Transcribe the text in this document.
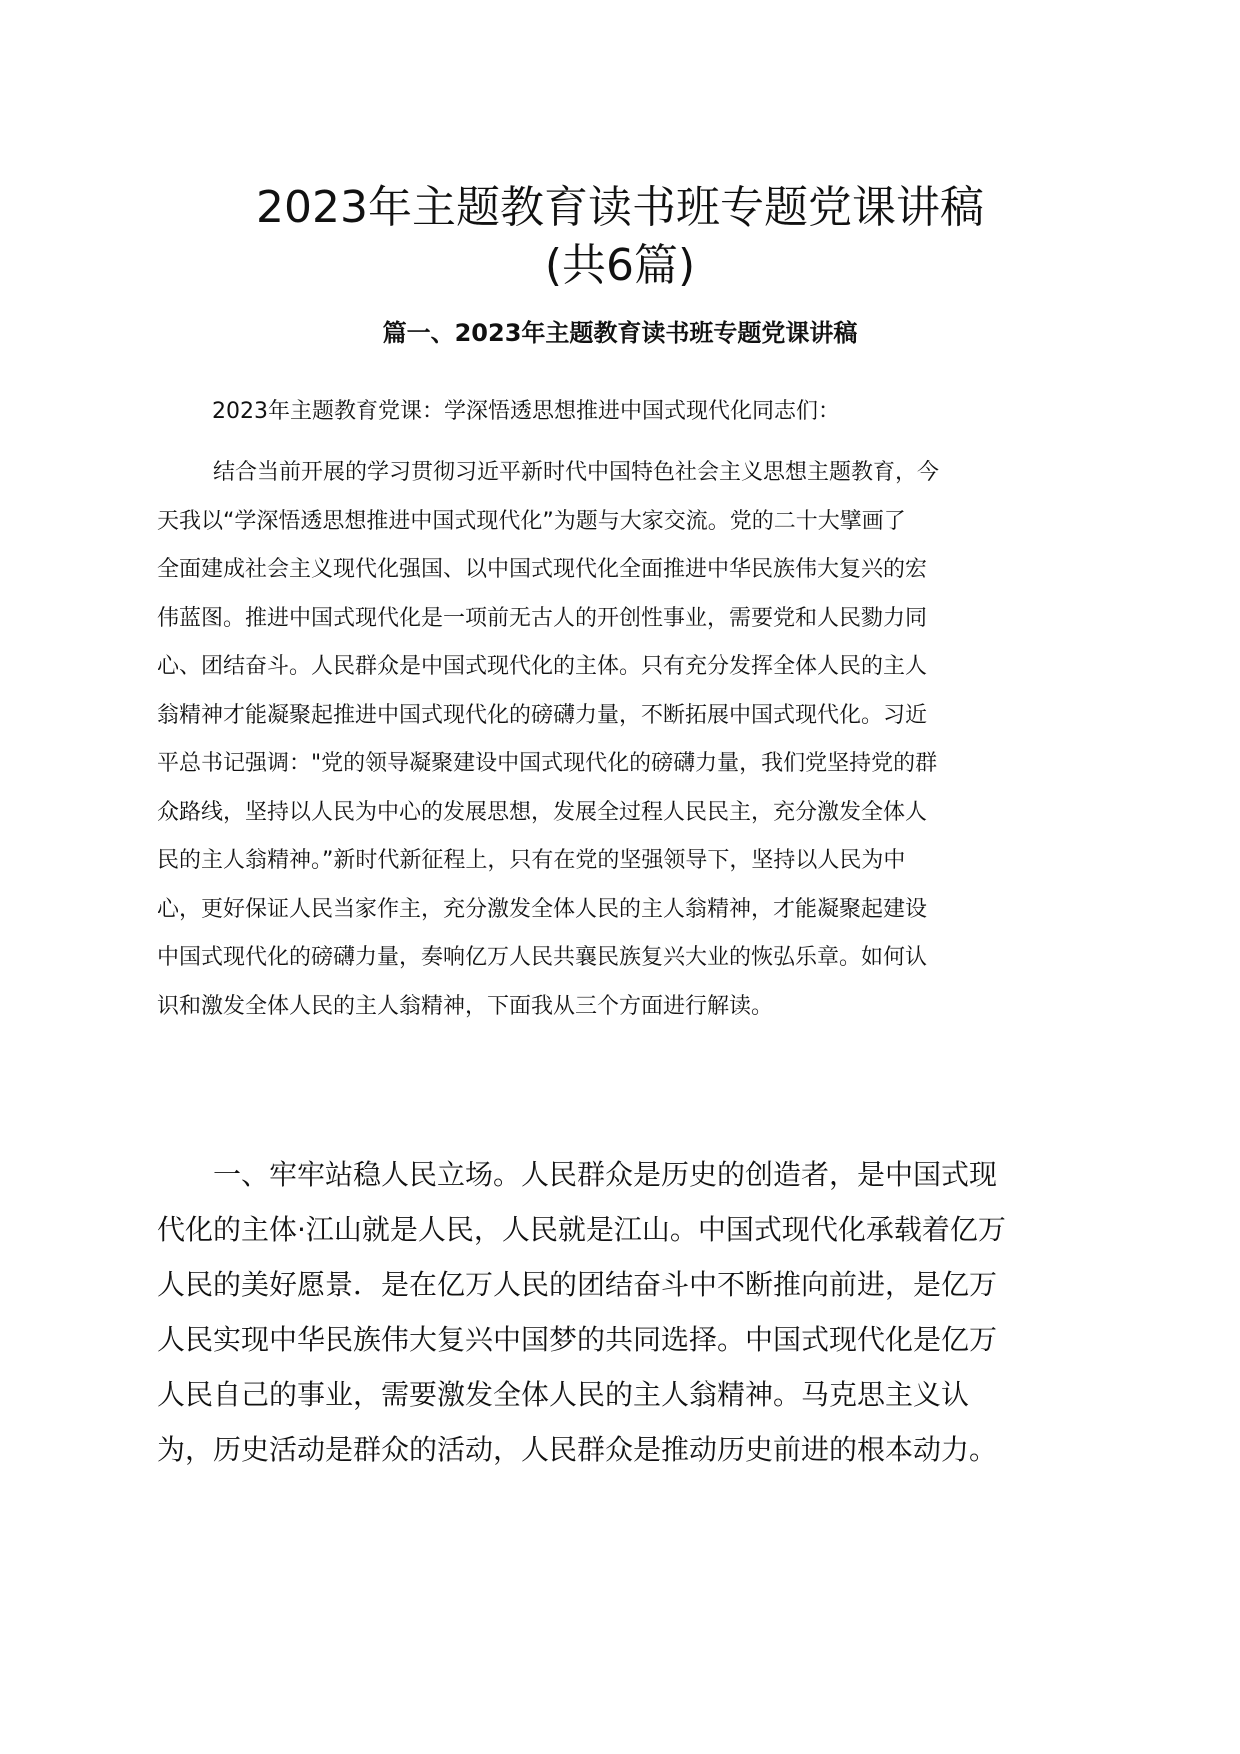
2023年主题教育读书班专题党课讲稿
(共6篇)
篇一、2023年主题教育读书班专题党课讲稿

2023年主题教育党课：学深悟透思想推进中国式现代化同志们：

结合当前开展的学习贯彻习近平新时代中国特色社会主义思想主题教育，今
天我以“学深悟透思想推进中国式现代化”为题与大家交流。党的二十大擘画了
全面建成社会主义现代化强国、以中国式现代化全面推进中华民族伟大复兴的宏
伟蓝图。推进中国式现代化是一项前无古人的开创性事业，需要党和人民勠力同
心、团结奋斗。人民群众是中国式现代化的主体。只有充分发挥全体人民的主人
翁精神才能凝聚起推进中国式现代化的磅礴力量，不断拓展中国式现代化。习近
平总书记强调："党的领导凝聚建设中国式现代化的磅礴力量，我们党坚持党的群
众路线，坚持以人民为中心的发展思想，发展全过程人民民主，充分激发全体人
民的主人翁精神。”新时代新征程上，只有在党的坚强领导下，坚持以人民为中
心，更好保证人民当家作主，充分激发全体人民的主人翁精神，才能凝聚起建设
中国式现代化的磅礴力量，奏响亿万人民共襄民族复兴大业的恢弘乐章。如何认
识和激发全体人民的主人翁精神，下面我从三个方面进行解读。

一、牢牢站稳人民立场。人民群众是历史的创造者，是中国式现
代化的主体·江山就是人民，人民就是江山。中国式现代化承载着亿万
人民的美好愿景．是在亿万人民的团结奋斗中不断推向前进，是亿万
人民实现中华民族伟大复兴中国梦的共同选择。中国式现代化是亿万
人民自己的事业，需要激发全体人民的主人翁精神。马克思主义认
为，历史活动是群众的活动，人民群众是推动历史前进的根本动力。
